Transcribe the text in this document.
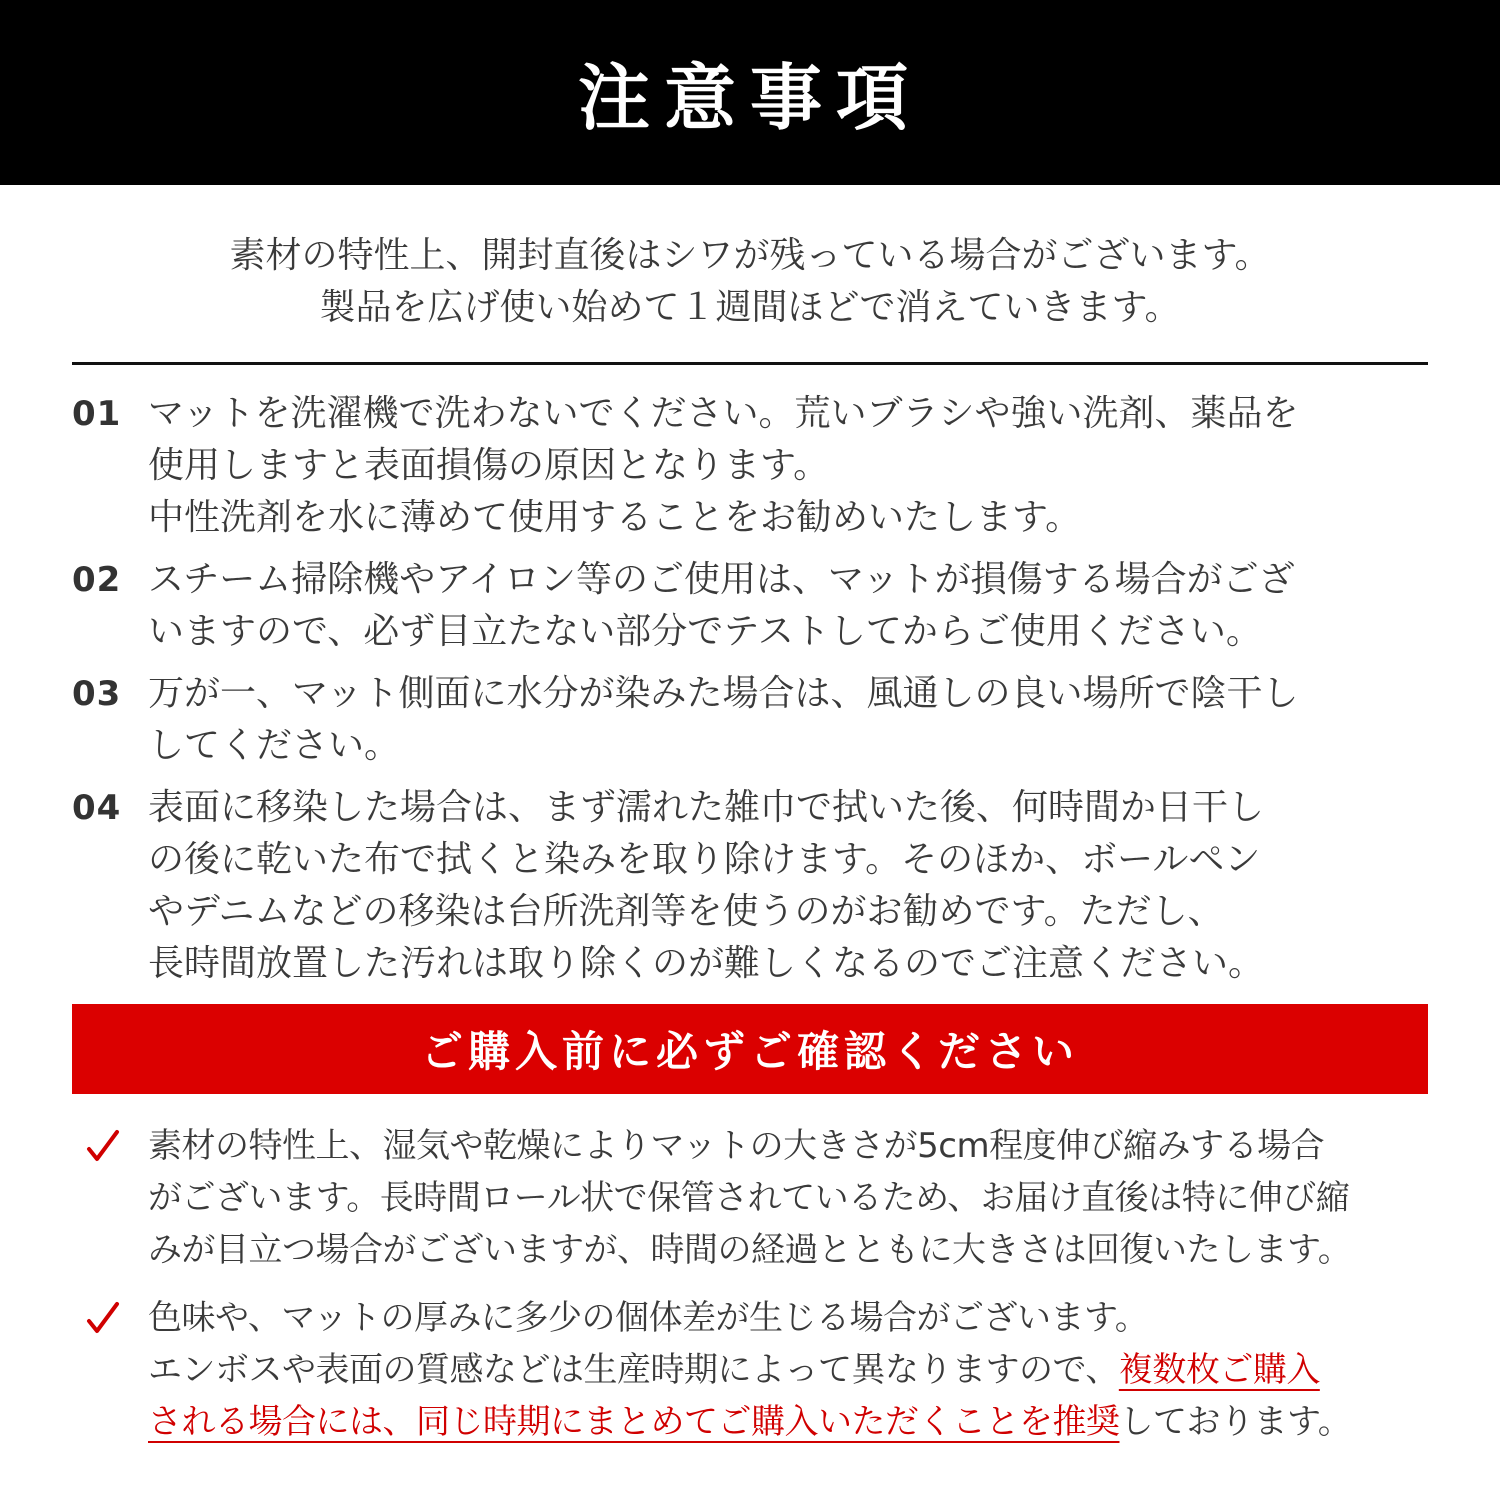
注意事項
素材の特性上、開封直後はシワが残っている場合がございます。
製品を広げ使い始めて１週間ほどで消えていきます。
01 マットを洗濯機で洗わないでください。荒いブラシや強い洗剤、薬品を
使用しますと表面損傷の原因となります。
中性洗剤を水に薄めて使用することをお勧めいたします。
02 スチーム掃除機やアイロン等のご使用は、マットが損傷する場合がござ
いますので、必ず目立たない部分でテストしてからご使用ください。
03 万が一、マット側面に水分が染みた場合は、風通しの良い場所で陰干し
してください。
04 表面に移染した場合は、まず濡れた雑巾で拭いた後、何時間か日干し
の後に乾いた布で拭くと染みを取り除けます。そのほか、ボールペン
やデニムなどの移染は台所洗剤等を使うのがお勧めです。ただし、
長時間放置した汚れは取り除くのが難しくなるのでご注意ください。
ご購入前に必ずご確認ください
素材の特性上、湿気や乾燥によりマットの大きさが5cm程度伸び縮みする場合
がございます。長時間ロール状で保管されているため、お届け直後は特に伸び縮
みが目立つ場合がございますが、時間の経過とともに大きさは回復いたします。
色味や、マットの厚みに多少の個体差が生じる場合がございます。
エンボスや表面の質感などは生産時期によって異なりますので、複数枚ご購入
される場合には、同じ時期にまとめてご購入いただくことを推奨しております。
